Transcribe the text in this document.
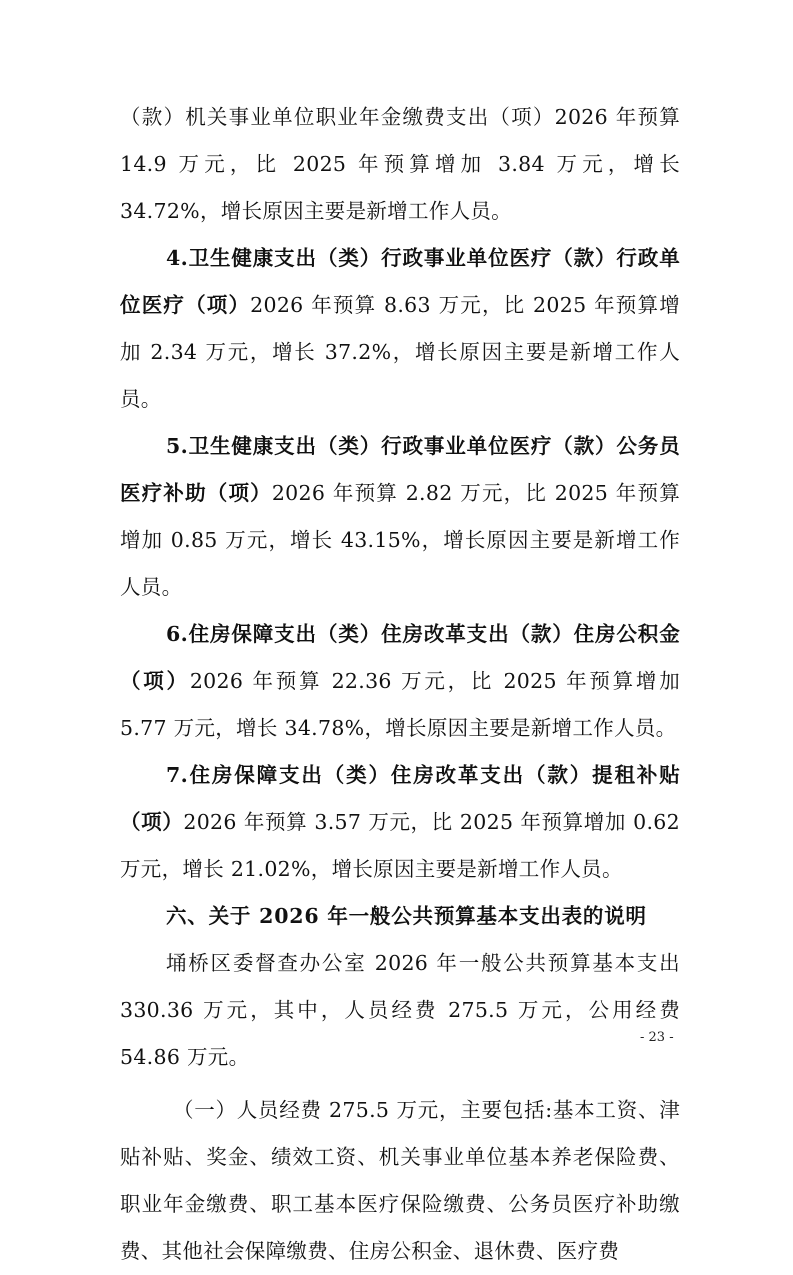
（款）机关事业单位职业年金缴费支出（项）2026 年预算 14.9 万元，比 2025 年预算增加 3.84 万元，增长 34.72%，增长原因主要是新增工作人员。

4.卫生健康支出（类）行政事业单位医疗（款）行政单位医疗（项）2026 年预算 8.63 万元，比 2025 年预算增加 2.34 万元，增长 37.2%，增长原因主要是新增工作人员。

5.卫生健康支出（类）行政事业单位医疗（款）公务员医疗补助（项）2026 年预算 2.82 万元，比 2025 年预算增加 0.85 万元，增长 43.15%，增长原因主要是新增工作人员。

6.住房保障支出（类）住房改革支出（款）住房公积金（项）2026 年预算 22.36 万元，比 2025 年预算增加 5.77 万元，增长 34.78%，增长原因主要是新增工作人员。

7.住房保障支出（类）住房改革支出（款）提租补贴（项）2026 年预算 3.57 万元，比 2025 年预算增加 0.62 万元，增长 21.02%，增长原因主要是新增工作人员。

六、关于 2026 年一般公共预算基本支出表的说明

埇桥区委督查办公室 2026 年一般公共预算基本支出 330.36 万元，其中，人员经费 275.5 万元，公用经费 54.86 万元。

（一）人员经费 275.5 万元，主要包括:基本工资、津贴补贴、奖金、绩效工资、机关事业单位基本养老保险费、职业年金缴费、职工基本医疗保险缴费、公务员医疗补助缴费、其他社会保障缴费、住房公积金、退休费、医疗费

- 23 -
